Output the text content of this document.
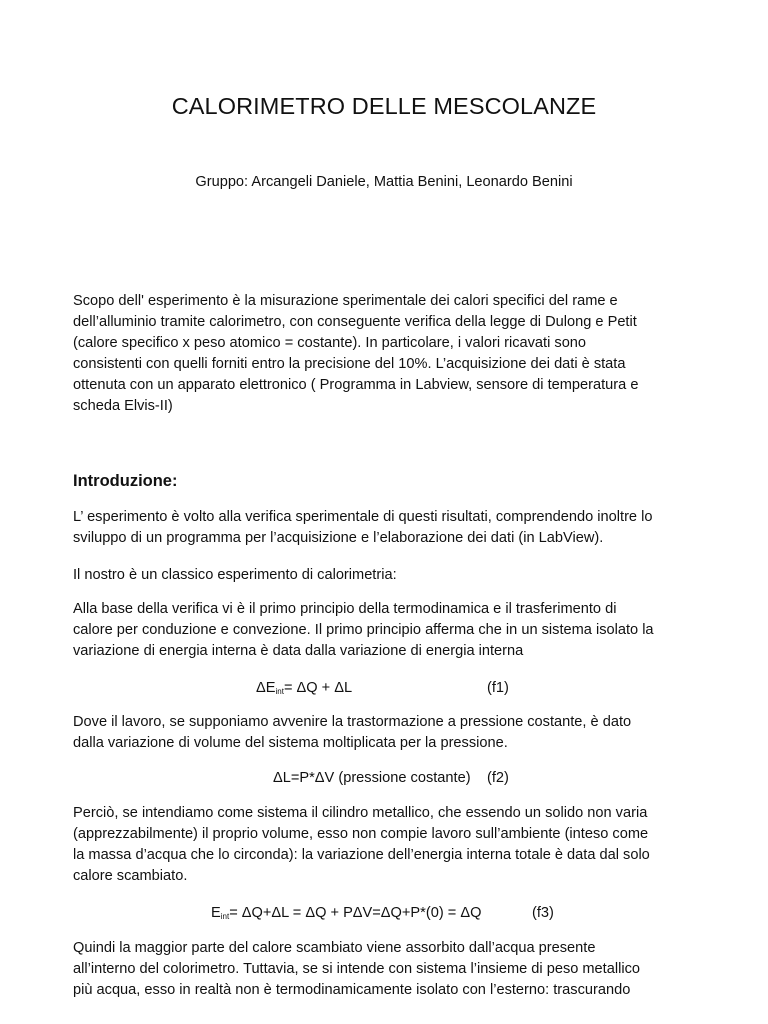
CALORIMETRO DELLE MESCOLANZE
Gruppo: Arcangeli Daniele, Mattia Benini, Leonardo Benini
Scopo dell' esperimento è la misurazione sperimentale dei calori specifici del rame e
dell’alluminio tramite calorimetro, con conseguente verifica della legge di Dulong e Petit
(calore specifico x peso atomico = costante). In particolare, i valori ricavati sono
consistenti con quelli forniti entro la precisione del 10%. L’acquisizione dei dati è stata
ottenuta con un apparato elettronico ( Programma in Labview, sensore di temperatura e
scheda Elvis-II)
Introduzione:
L’ esperimento è volto alla verifica sperimentale di questi risultati, comprendendo inoltre lo
sviluppo di un programma per l’acquisizione e l’elaborazione dei dati (in LabView).
Il nostro è un classico esperimento di calorimetria:
Alla base della verifica vi è il primo principio della termodinamica e il trasferimento di
calore per conduzione e convezione. Il primo principio afferma che in un sistema isolato la
variazione di energia interna è data dalla variazione di energia interna
$\Delta E_{int}= \Delta Q + \Delta L$	(f1)
Dove il lavoro, se supponiamo avvenire la trastormazione a pressione costante, è dato
dalla variazione di volume del sistema moltiplicata per la pressione.
ΔL=P*ΔV (pressione costante) (f2)
Perciò, se intendiamo come sistema il cilindro metallico, che essendo un solido non varia
(apprezzabilmente) il proprio volume, esso non compie lavoro sull’ambiente (inteso come
la massa d’acqua che lo circonda): la variazione dell’energia interna totale è data dal solo
calore scambiato.
$E_{int}= \Delta Q+\Delta L = \Delta Q + P\Delta V=\Delta Q+P*(0) = \Delta Q$	(f3)
Quindi la maggior parte del calore scambiato viene assorbito dall’acqua presente
all’interno del colorimetro. Tuttavia, se si intende con sistema l’insieme di peso metallico
più acqua, esso in realtà non è termodinamicamente isolato con l’esterno: trascurando
